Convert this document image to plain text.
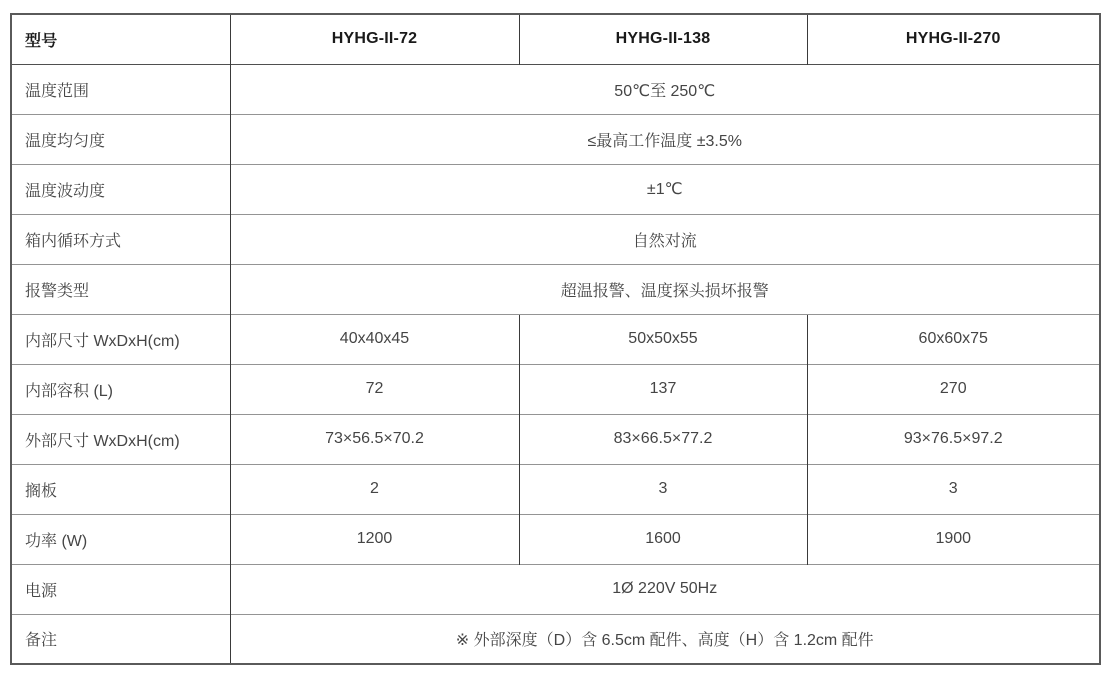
型号	HYHG-II-72	HYHG-II-138	HYHG-II-270
温度范围	50℃至 250℃		
温度均匀度	≤最高工作温度 ±3.5%		
温度波动度	±1℃		
箱内循环方式	自然对流		
报警类型	超温报警、温度探头损坏报警		
内部尺寸 WxDxH(cm)	40x40x45	50x50x55	60x60x75
内部容积 (L)	72	137	270
外部尺寸 WxDxH(cm)	73×56.5×70.2	83×66.5×77.2	93×76.5×97.2
搁板	2	3	3
功率 (W)	1200	1600	1900
电源	1Ø 220V 50Hz		
备注	※ 外部深度（D）含 6.5cm 配件、高度（H）含 1.2cm 配件		
